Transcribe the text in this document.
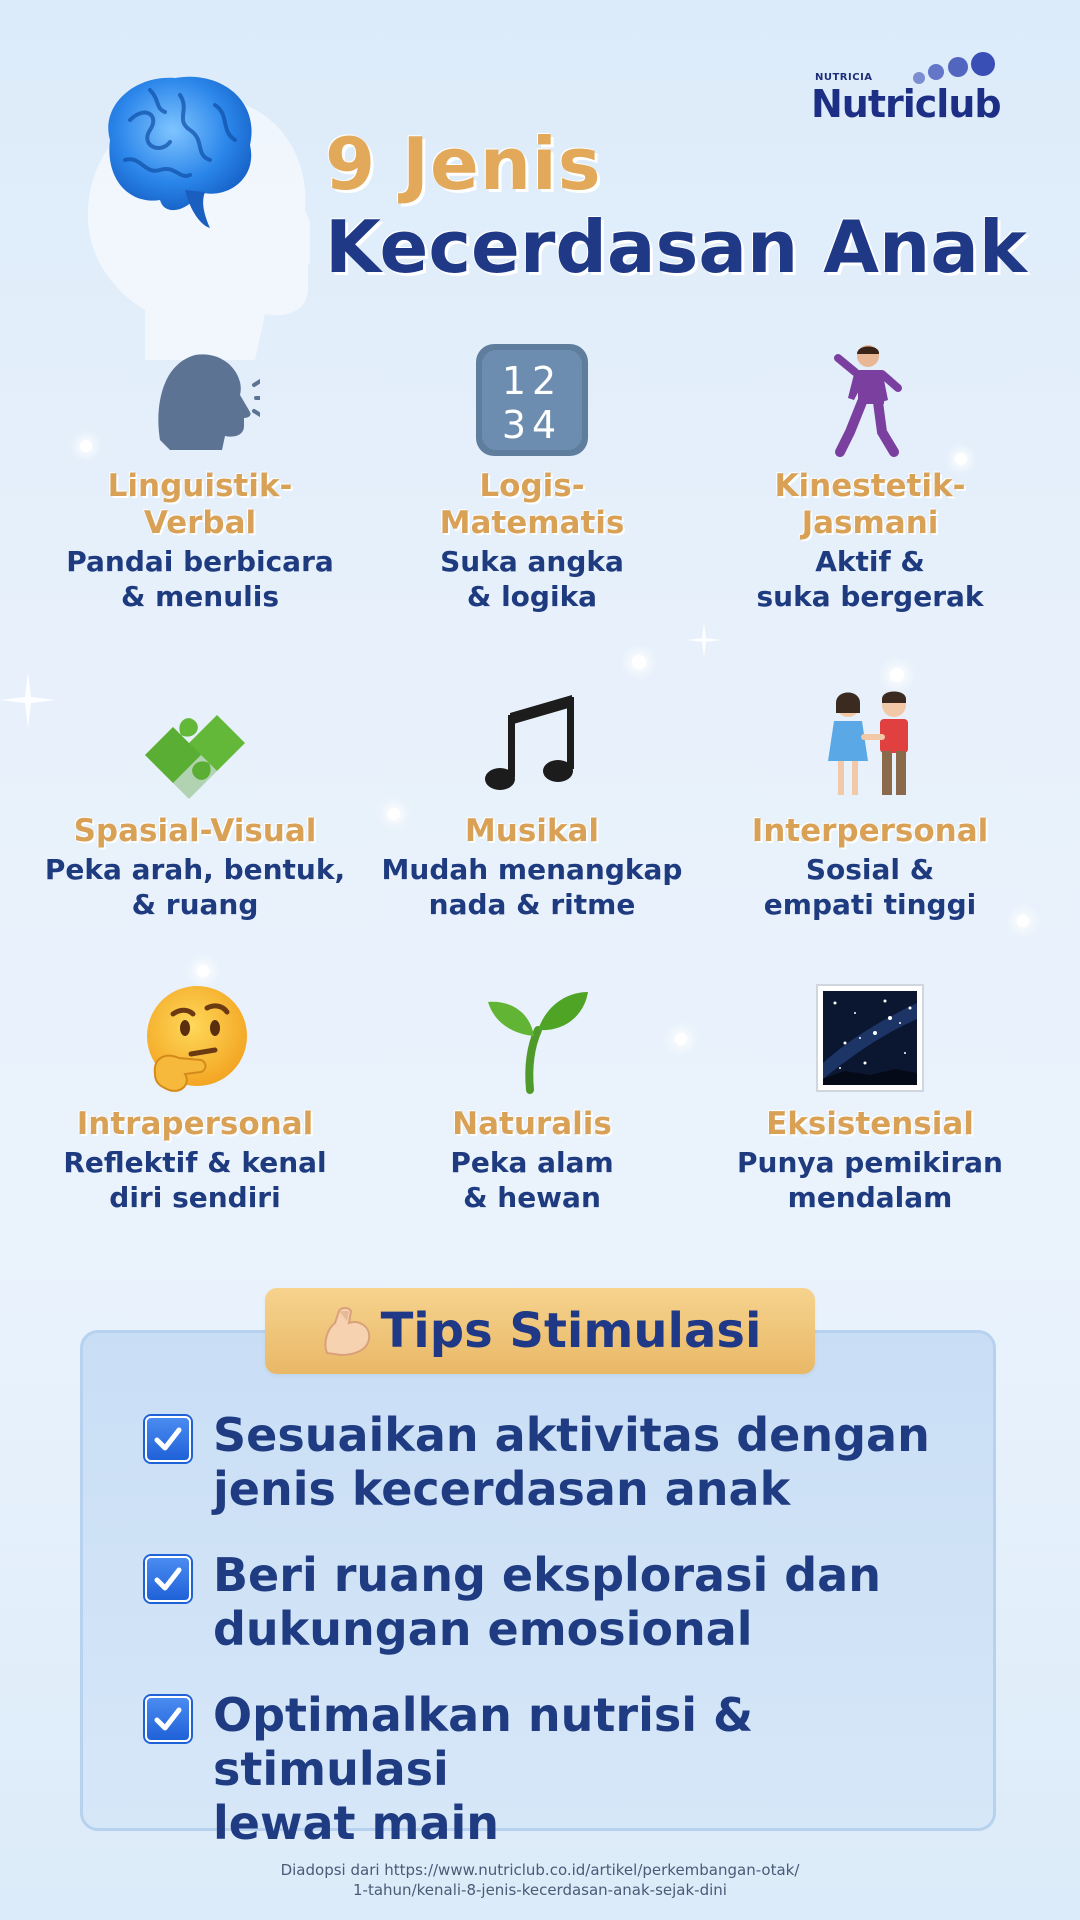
NUTRICIA
Nutriclub
9 Jenis
Kecerdasan Anak
Linguistik-
Verbal
Pandai berbicara
& menulis
12
34
Logis-
Matematis
Suka angka
& logika
Kinestetik-
Jasmani
Aktif &
suka bergerak
Spasial-Visual
Peka arah, bentuk,
& ruang
Musikal
Mudah menangkap
nada & ritme
Interpersonal
Sosial &
empati tinggi
Intrapersonal
Reflektif & kenal
diri sendiri
Naturalis
Peka alam
& hewan
Eksistensial
Punya pemikiran
mendalam
Tips Stimulasi
Sesuaikan aktivitas dengan
jenis kecerdasan anak
Beri ruang eksplorasi dan
dukungan emosional
Optimalkan nutrisi & stimulasi
lewat main
Diadopsi dari https://www.nutriclub.co.id/artikel/perkembangan-otak/
1-tahun/kenali-8-jenis-kecerdasan-anak-sejak-dini
